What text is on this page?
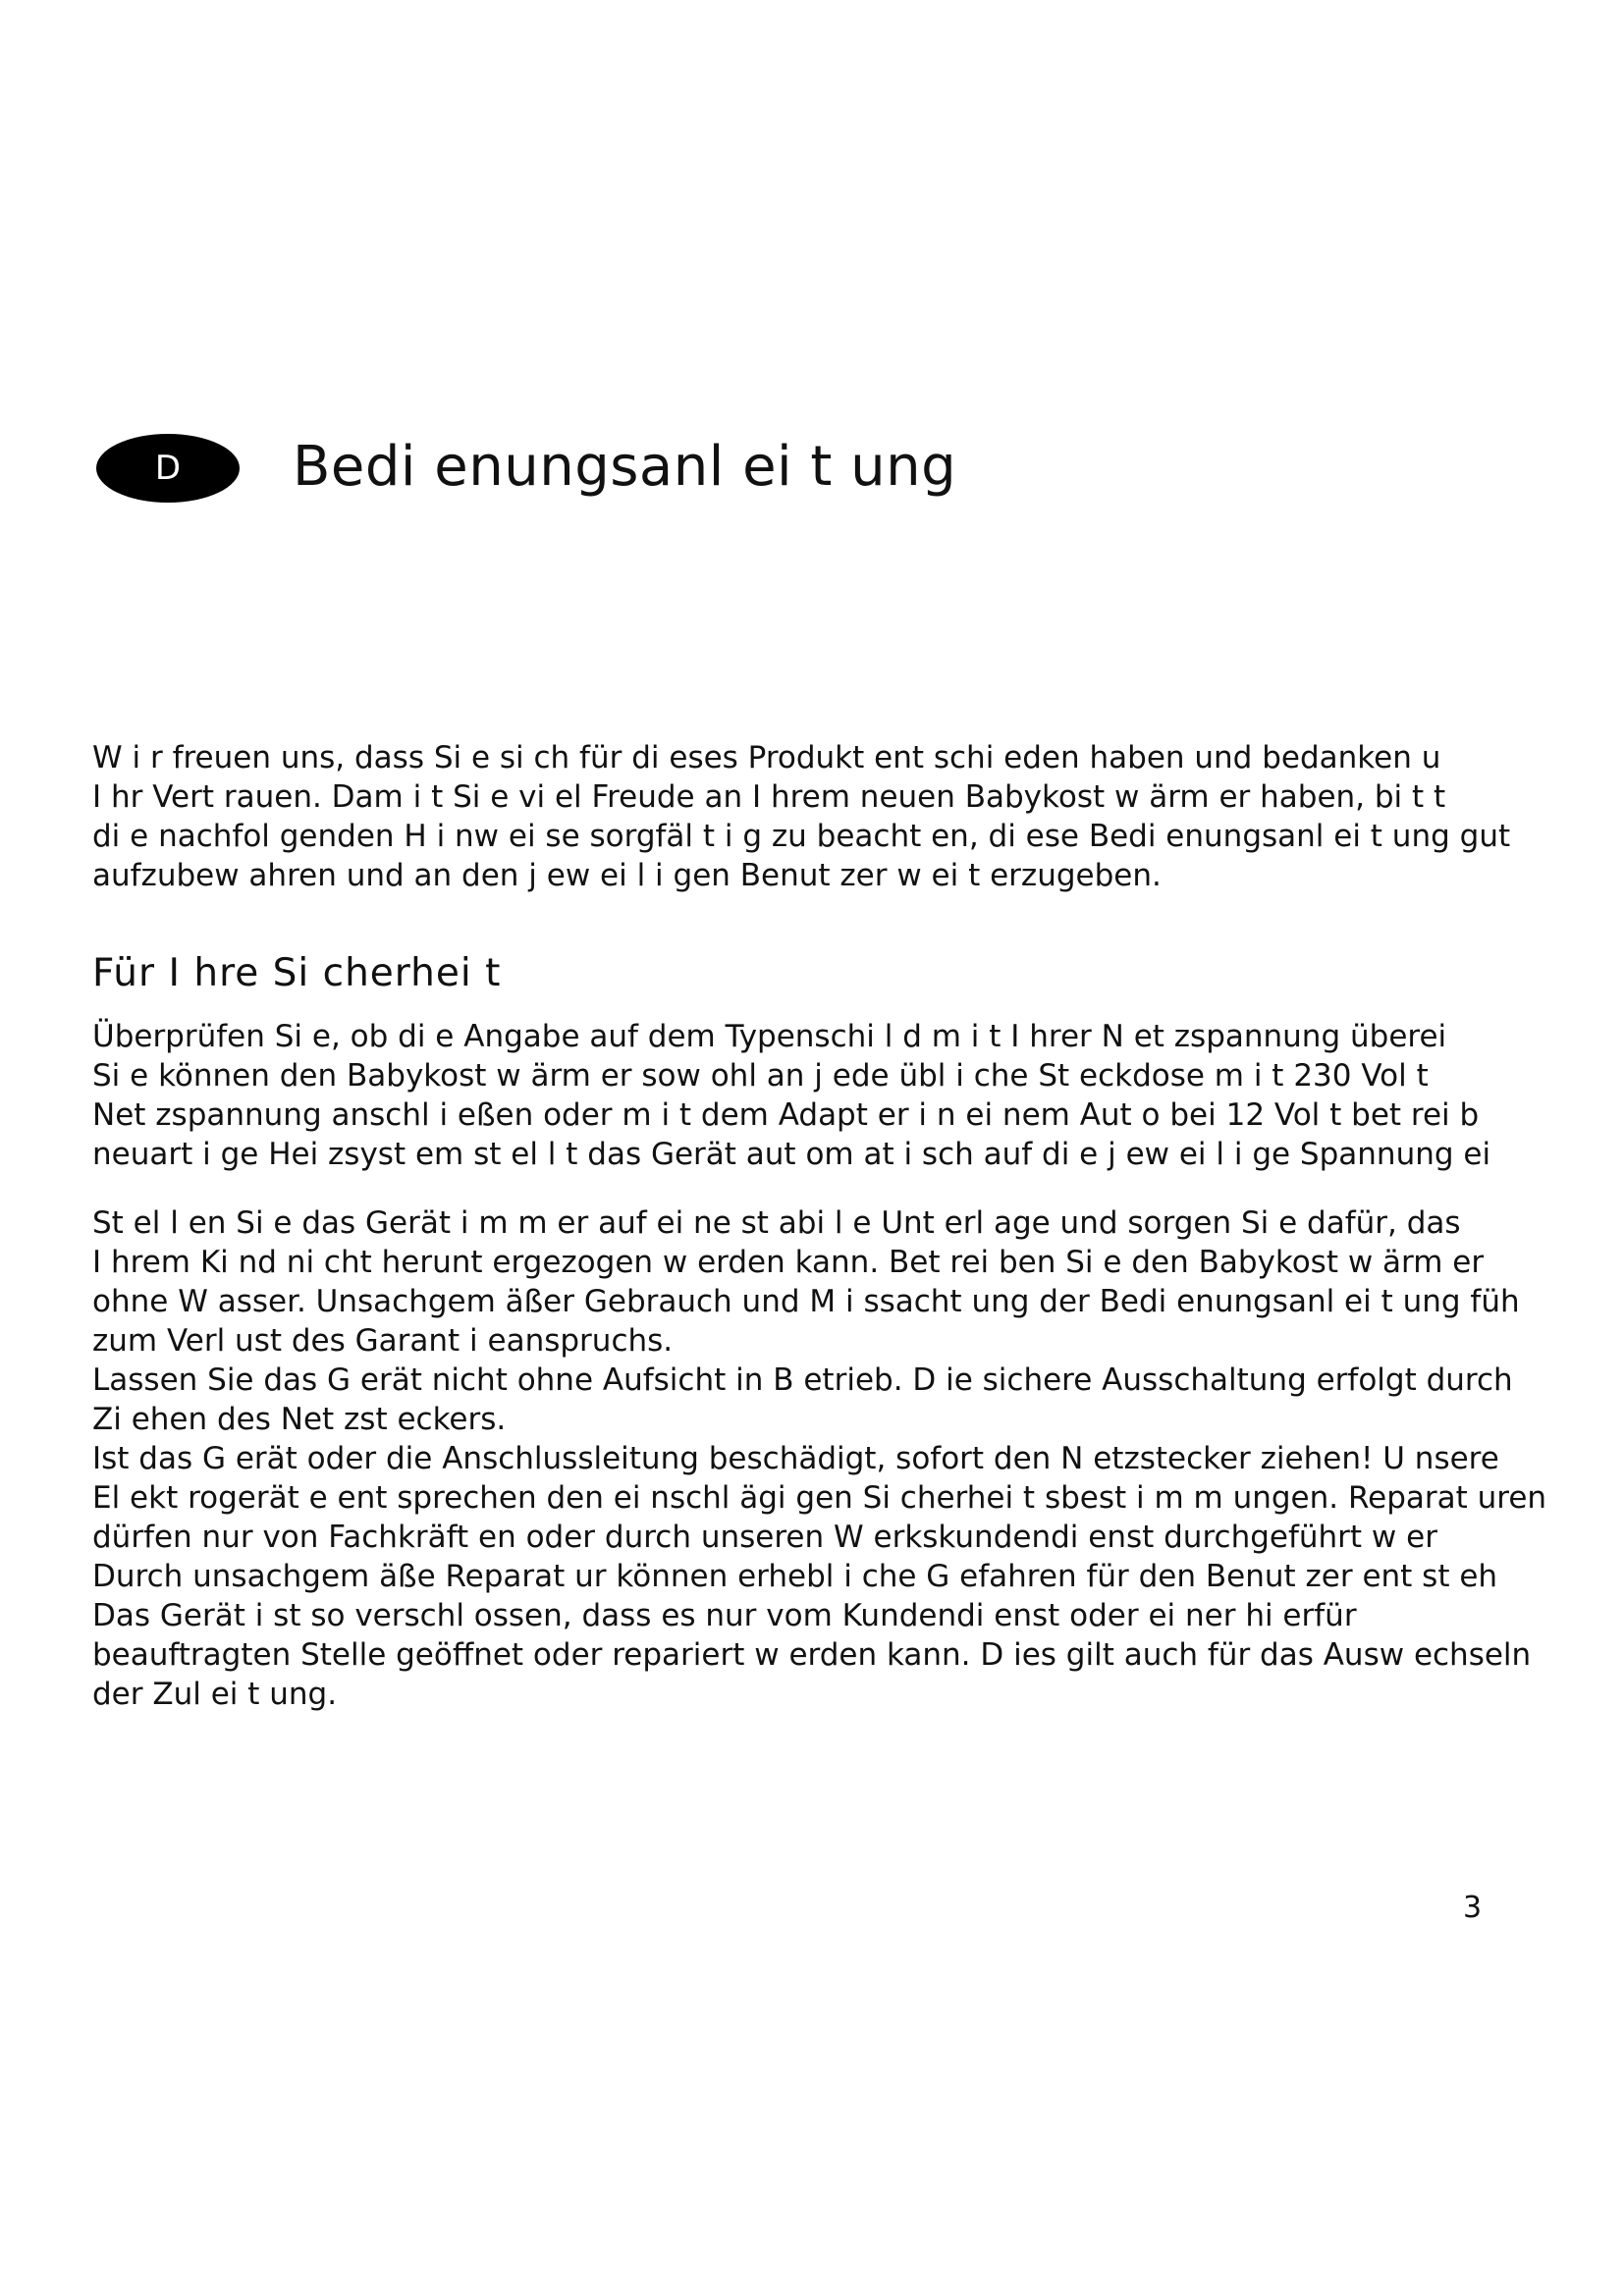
D Bedi enungsanl ei t ung
W i r freuen uns, dass Si e si ch für di eses Produkt ent schi eden haben und bedanken u
I hr Vert rauen. Dam i t Si e vi el Freude an I hrem neuen Babykost w ärm er haben, bi t t
di e nachfol genden H i nw ei se sorgfäl t i g zu beacht en, di ese Bedi enungsanl ei t ung gut
aufzubew ahren und an den j ew ei l i gen Benut zer w ei t erzugeben.
Für I hre Si cherhei t
Überprüfen Si e, ob di e Angabe auf dem Typenschi l d m i t I hrer N et zspannung überei
Si e können den Babykost w ärm er sow ohl an j ede übl i che St eckdose m i t 230 Vol t
Net zspannung anschl i eßen oder m i t dem Adapt er i n ei nem Aut o bei 12 Vol t bet rei b
neuart i ge Hei zsyst em st el l t das Gerät aut om at i sch auf di e j ew ei l i ge Spannung ei
St el l en Si e das Gerät i m m er auf ei ne st abi l e Unt erl age und sorgen Si e dafür, das
I hrem Ki nd ni cht herunt ergezogen w erden kann. Bet rei ben Si e den Babykost w ärm er
ohne W asser. Unsachgem äßer Gebrauch und M i ssacht ung der Bedi enungsanl ei t ung füh
zum Verl ust des Garant i eanspruchs.
Lassen Sie das G erät nicht ohne Aufsicht in B etrieb. D ie sichere Ausschaltung erfolgt durch
Zi ehen des Net zst eckers.
Ist das G erät oder die Anschlussleitung beschädigt, sofort den N etzstecker ziehen! U nsere
El ekt rogerät e ent sprechen den ei nschl ägi gen Si cherhei t sbest i m m ungen. Reparat uren
dürfen nur von Fachkräft en oder durch unseren W erkskundendi enst durchgeführt w er
Durch unsachgem äße Reparat ur können erhebl i che G efahren für den Benut zer ent st eh
Das Gerät i st so verschl ossen, dass es nur vom Kundendi enst oder ei ner hi erfür
beauftragten Stelle geöffnet oder repariert w erden kann. D ies gilt auch für das Ausw echseln
der Zul ei t ung.
3
